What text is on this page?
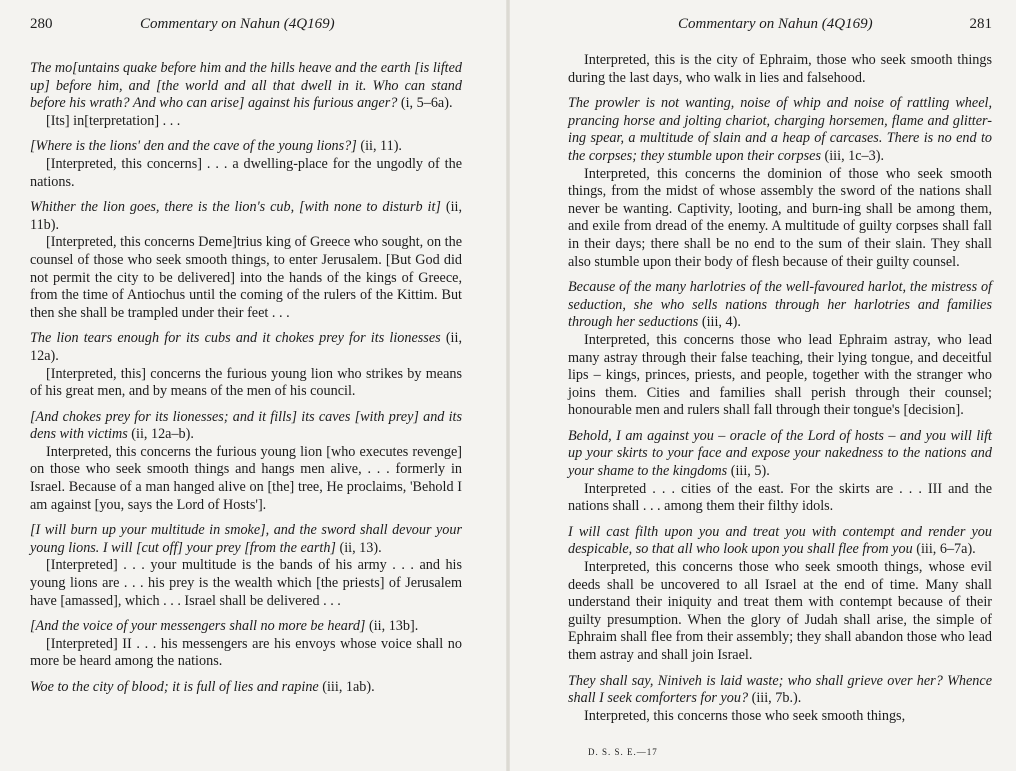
280	Commentary on Nahun (4Q169)

The mo[untains quake before him and the hills heave and the earth [is lifted up] before him, and [the world and all that dwell in it. Who can stand before his wrath? And who can arise] against his furious anger? (i, 5–6a).

[Its] in[terpretation] . . .

[Where is the lions' den and the cave of the young lions?] (ii, 11).

[Interpreted, this concerns] . . . a dwelling-place for the ungodly of the nations.

Whither the lion goes, there is the lion's cub, [with none to disturb it] (ii, 11b).

[Interpreted, this concerns Deme]trius king of Greece who sought, on the counsel of those who seek smooth things, to enter Jerusalem. [But God did not permit the city to be delivered] into the hands of the kings of Greece, from the time of Antiochus until the coming of the rulers of the Kittim. But then she shall be trampled under their feet . . .

The lion tears enough for its cubs and it chokes prey for its lionesses (ii, 12a).

[Interpreted, this] concerns the furious young lion who strikes by means of his great men, and by means of the men of his council.

[And chokes prey for its lionesses; and it fills] its caves [with prey] and its dens with victims (ii, 12a–b).

Interpreted, this concerns the furious young lion [who executes revenge] on those who seek smooth things and hangs men alive, . . . formerly in Israel. Because of a man hanged alive on [the] tree, He proclaims, 'Behold I am against [you, says the Lord of Hosts'].

[I will burn up your multitude in smoke], and the sword shall devour your young lions. I will [cut off] your prey [from the earth] (ii, 13).

[Interpreted] . . . your multitude is the bands of his army . . . and his young lions are . . . his prey is the wealth which [the priests] of Jerusalem have [amassed], which . . . Israel shall be delivered . . .

[And the voice of your messengers shall no more be heard] (ii, 13b].

[Interpreted] II . . . his messengers are his envoys whose voice shall no more be heard among the nations.

Woe to the city of blood; it is full of lies and rapine (iii, 1ab).

Commentary on Nahun (4Q169)	281

Interpreted, this is the city of Ephraim, those who seek smooth things during the last days, who walk in lies and falsehood.

The prowler is not wanting, noise of whip and noise of rattling wheel, prancing horse and jolting chariot, charging horsemen, flame and glitter-ing spear, a multitude of slain and a heap of carcases. There is no end to the corpses; they stumble upon their corpses (iii, 1c–3).

Interpreted, this concerns the dominion of those who seek smooth things, from the midst of whose assembly the sword of the nations shall never be wanting. Captivity, looting, and burn-ing shall be among them, and exile from dread of the enemy. A multitude of guilty corpses shall fall in their days; there shall be no end to the sum of their slain. They shall also stumble upon their body of flesh because of their guilty counsel.

Because of the many harlotries of the well-favoured harlot, the mistress of seduction, she who sells nations through her harlotries and families through her seductions (iii, 4).

Interpreted, this concerns those who lead Ephraim astray, who lead many astray through their false teaching, their lying tongue, and deceitful lips – kings, princes, priests, and people, together with the stranger who joins them. Cities and families shall perish through their counsel; honourable men and rulers shall fall through their tongue's [decision].

Behold, I am against you – oracle of the Lord of hosts – and you will lift up your skirts to your face and expose your nakedness to the nations and your shame to the kingdoms (iii, 5).

Interpreted . . . cities of the east. For the skirts are . . . III and the nations shall . . . among them their filthy idols.

I will cast filth upon you and treat you with contempt and render you despicable, so that all who look upon you shall flee from you (iii, 6–7a).

Interpreted, this concerns those who seek smooth things, whose evil deeds shall be uncovered to all Israel at the end of time. Many shall understand their iniquity and treat them with contempt because of their guilty presumption. When the glory of Judah shall arise, the simple of Ephraim shall flee from their assembly; they shall abandon those who lead them astray and shall join Israel.

They shall say, Niniveh is laid waste; who shall grieve over her? Whence shall I seek comforters for you? (iii, 7b.).

Interpreted, this concerns those who seek smooth things,

D. S. S. E.—17
